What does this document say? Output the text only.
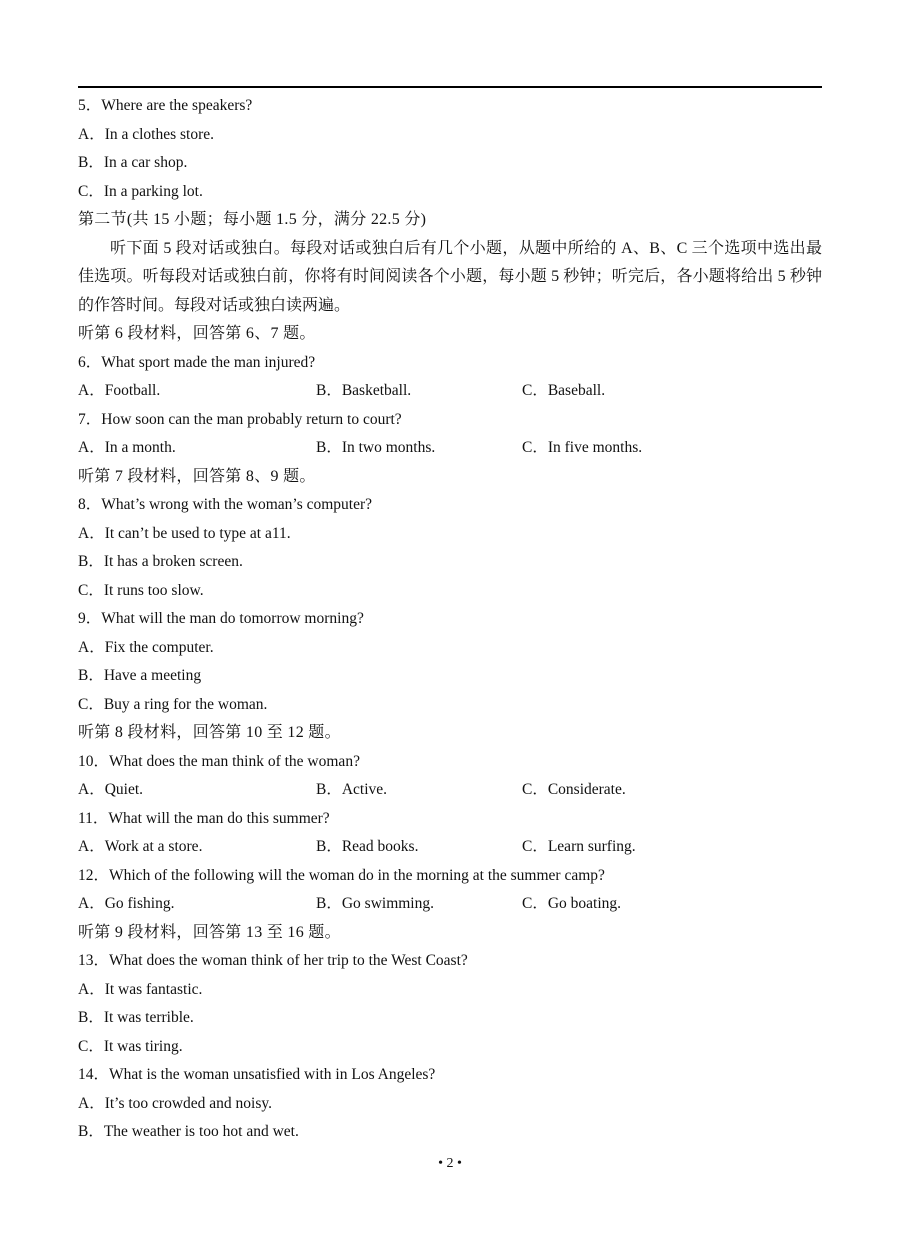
5．Where are the speakers?
A．In a clothes store.
B．In a car shop.
C．In a parking lot.
第二节(共 15 小题；每小题 1.5 分，满分 22.5 分)
听下面 5 段对话或独白。每段对话或独白后有几个小题，从题中所给的 A、B、C 三个选项中选出最佳选项。听每段对话或独白前，你将有时间阅读各个小题，每小题 5 秒钟；听完后，各小题将给出 5 秒钟的作答时间。每段对话或独白读两遍。
听第 6 段材料，回答第 6、7 题。
6．What sport made the man injured?
A．Football.	B．Basketball.	C．Baseball.
7．How soon can the man probably return to court?
A．In a month.	B．In two months.	C．In five months.
听第 7 段材料，回答第 8、9 题。
8．What’s wrong with the woman’s computer?
A．It can’t be used to type at a11.
B．It has a broken screen.
C．It runs too slow.
9．What will the man do tomorrow morning?
A．Fix the computer.
B．Have a meeting
C．Buy a ring for the woman.
听第 8 段材料，回答第 10 至 12 题。
10．What does the man think of the woman?
A．Quiet.	B．Active.	C．Considerate.
11．What will the man do this summer?
A．Work at a store.	B．Read books.	C．Learn surfing.
12．Which of the following will the woman do in the morning at the summer camp?
A．Go fishing.	B．Go swimming.	C．Go boating.
听第 9 段材料，回答第 13 至 16 题。
13．What does the woman think of her trip to the West Coast?
A．It was fantastic.
B．It was terrible.
C．It was tiring.
14．What is the woman unsatisfied with in Los Angeles?
A．It’s too crowded and noisy.
B．The weather is too hot and wet.
• 2 •
